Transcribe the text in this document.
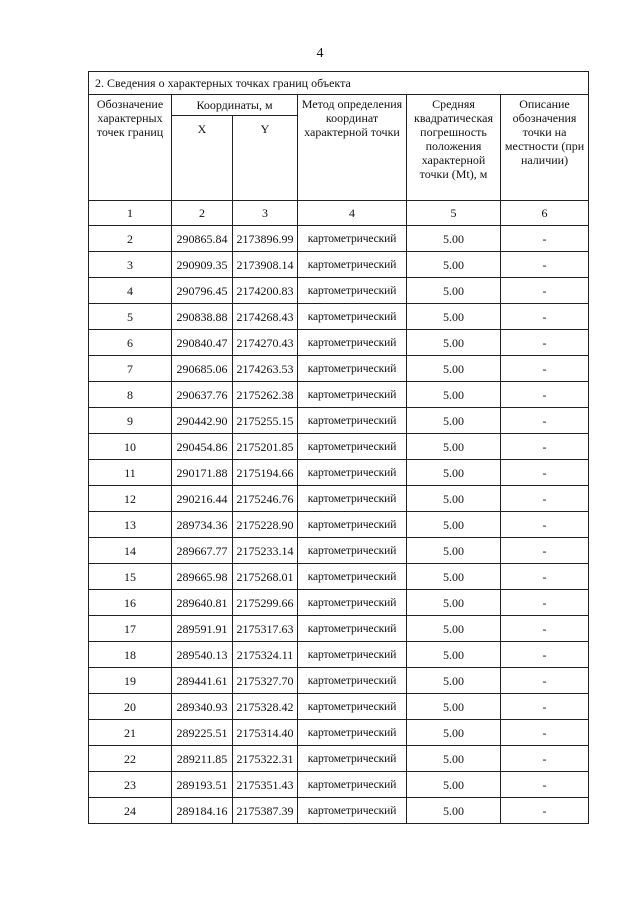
4
2. Сведения о характерных точках границ объекта					
Обозначение характерных точек границ	Координаты, м		Метод определения координат характерной точки	Средняя квадратическая погрешность положения характерной точки (Mt), м	Описание обозначения точки на местности (при наличии)
	X	Y			
1	2	3	4	5	6
2	290865.84	2173896.99	картометрический	5.00	-
3	290909.35	2173908.14	картометрический	5.00	-
4	290796.45	2174200.83	картометрический	5.00	-
5	290838.88	2174268.43	картометрический	5.00	-
6	290840.47	2174270.43	картометрический	5.00	-
7	290685.06	2174263.53	картометрический	5.00	-
8	290637.76	2175262.38	картометрический	5.00	-
9	290442.90	2175255.15	картометрический	5.00	-
10	290454.86	2175201.85	картометрический	5.00	-
11	290171.88	2175194.66	картометрический	5.00	-
12	290216.44	2175246.76	картометрический	5.00	-
13	289734.36	2175228.90	картометрический	5.00	-
14	289667.77	2175233.14	картометрический	5.00	-
15	289665.98	2175268.01	картометрический	5.00	-
16	289640.81	2175299.66	картометрический	5.00	-
17	289591.91	2175317.63	картометрический	5.00	-
18	289540.13	2175324.11	картометрический	5.00	-
19	289441.61	2175327.70	картометрический	5.00	-
20	289340.93	2175328.42	картометрический	5.00	-
21	289225.51	2175314.40	картометрический	5.00	-
22	289211.85	2175322.31	картометрический	5.00	-
23	289193.51	2175351.43	картометрический	5.00	-
24	289184.16	2175387.39	картометрический	5.00	-
